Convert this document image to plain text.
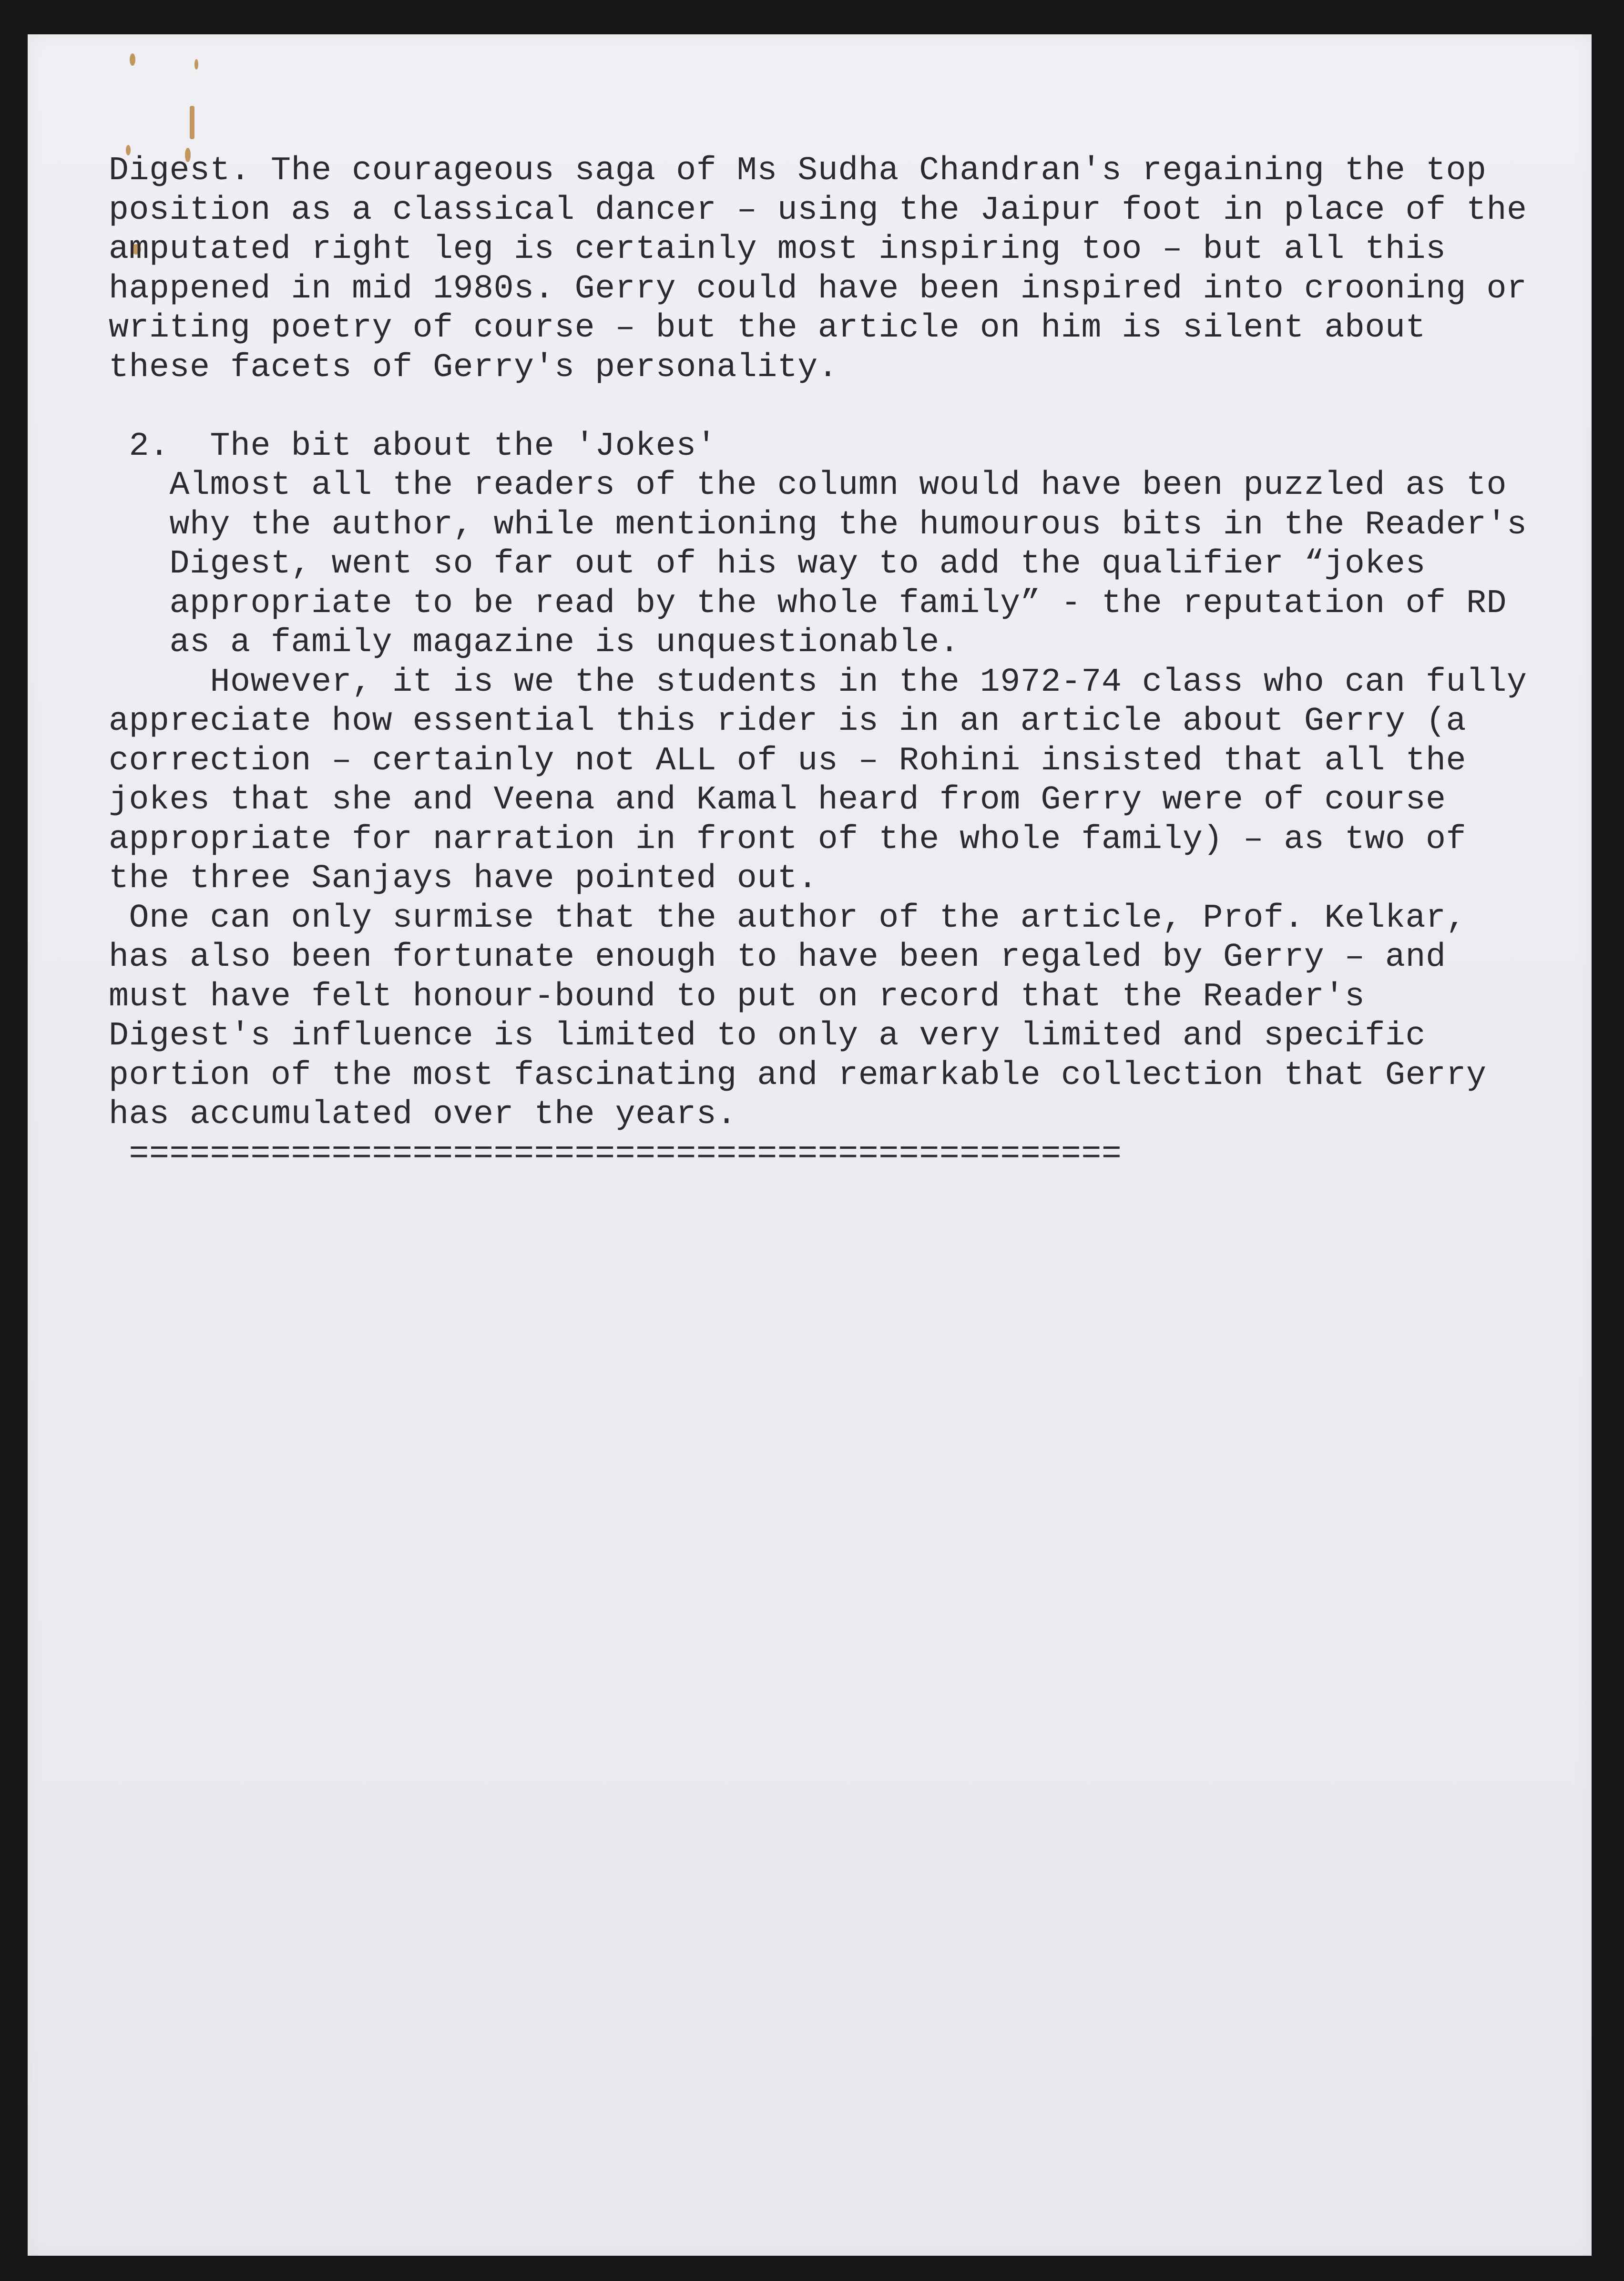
Digest. The courageous saga of Ms Sudha Chandran's regaining the top
position as a classical dancer – using the Jaipur foot in place of the
amputated right leg is certainly most inspiring too – but all this
happened in mid 1980s. Gerry could have been inspired into crooning or
writing poetry of course – but the article on him is silent about
these facets of Gerry's personality.
2.  The bit about the 'Jokes'
Almost all the readers of the column would have been puzzled as to
why the author, while mentioning the humourous bits in the Reader's
Digest, went so far out of his way to add the qualifier “jokes
appropriate to be read by the whole family” - the reputation of RD
as a family magazine is unquestionable.
However, it is we the students in the 1972-74 class who can fully
appreciate how essential this rider is in an article about Gerry (a
correction – certainly not ALL of us – Rohini insisted that all the
jokes that she and Veena and Kamal heard from Gerry were of course
appropriate for narration in front of the whole family) – as two of
the three Sanjays have pointed out.
One can only surmise that the author of the article, Prof. Kelkar,
has also been fortunate enough to have been regaled by Gerry – and
must have felt honour-bound to put on record that the Reader's
Digest's influence is limited to only a very limited and specific
portion of the most fascinating and remarkable collection that Gerry
has accumulated over the years.
=================================================
